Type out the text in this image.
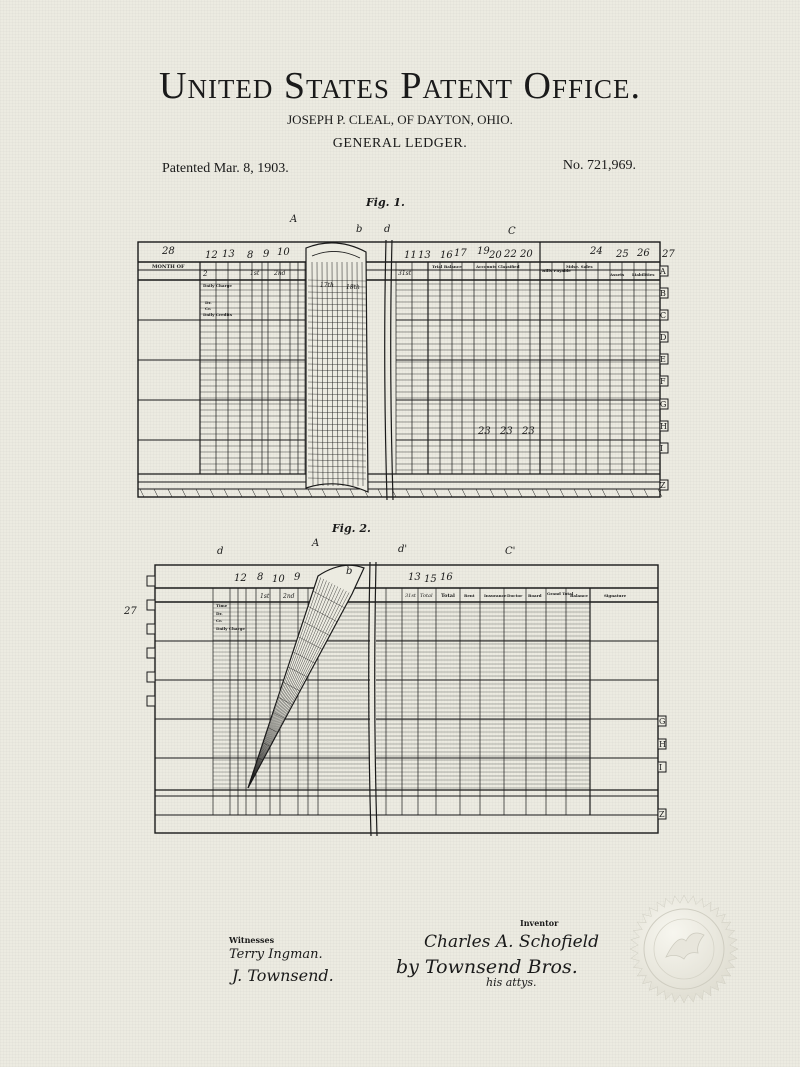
United States Patent Office.
JOSEPH P. CLEAL, OF DAYTON, OHIO.
GENERAL LEDGER.
Patented Mar. 8, 1903.	No. 721,969.
Fig. 1.
28	12 13 8 9 10
A
b d
11 13 16 17 19 20 22 20
C
24 25 26 27
23 23 23
MONTH OF
2	1st 2nd
17th 18th
31st
Trial Balance	Accounts Classified
Bills Payable
Mdse. Sales
Assets Liabilities
Daily Charge
Dr.
Cr.
Daily Credits
A
B
C
D
E
F
G
H
I
Z
Fig. 2.
d
A
d'	C'
12 8 10 9
b
13 15 16
27
1st 2nd	31st Total Total Rent Insurance Doctor Board Grand Total
Balance	Signature
Time
Dr.
Cr.
Daily Charge
G
H
I
Z
Witnesses
Terry Ingman.
J. Townsend.
Inventor
Charles A. Schofield
by Townsend Bros.
his attys.
